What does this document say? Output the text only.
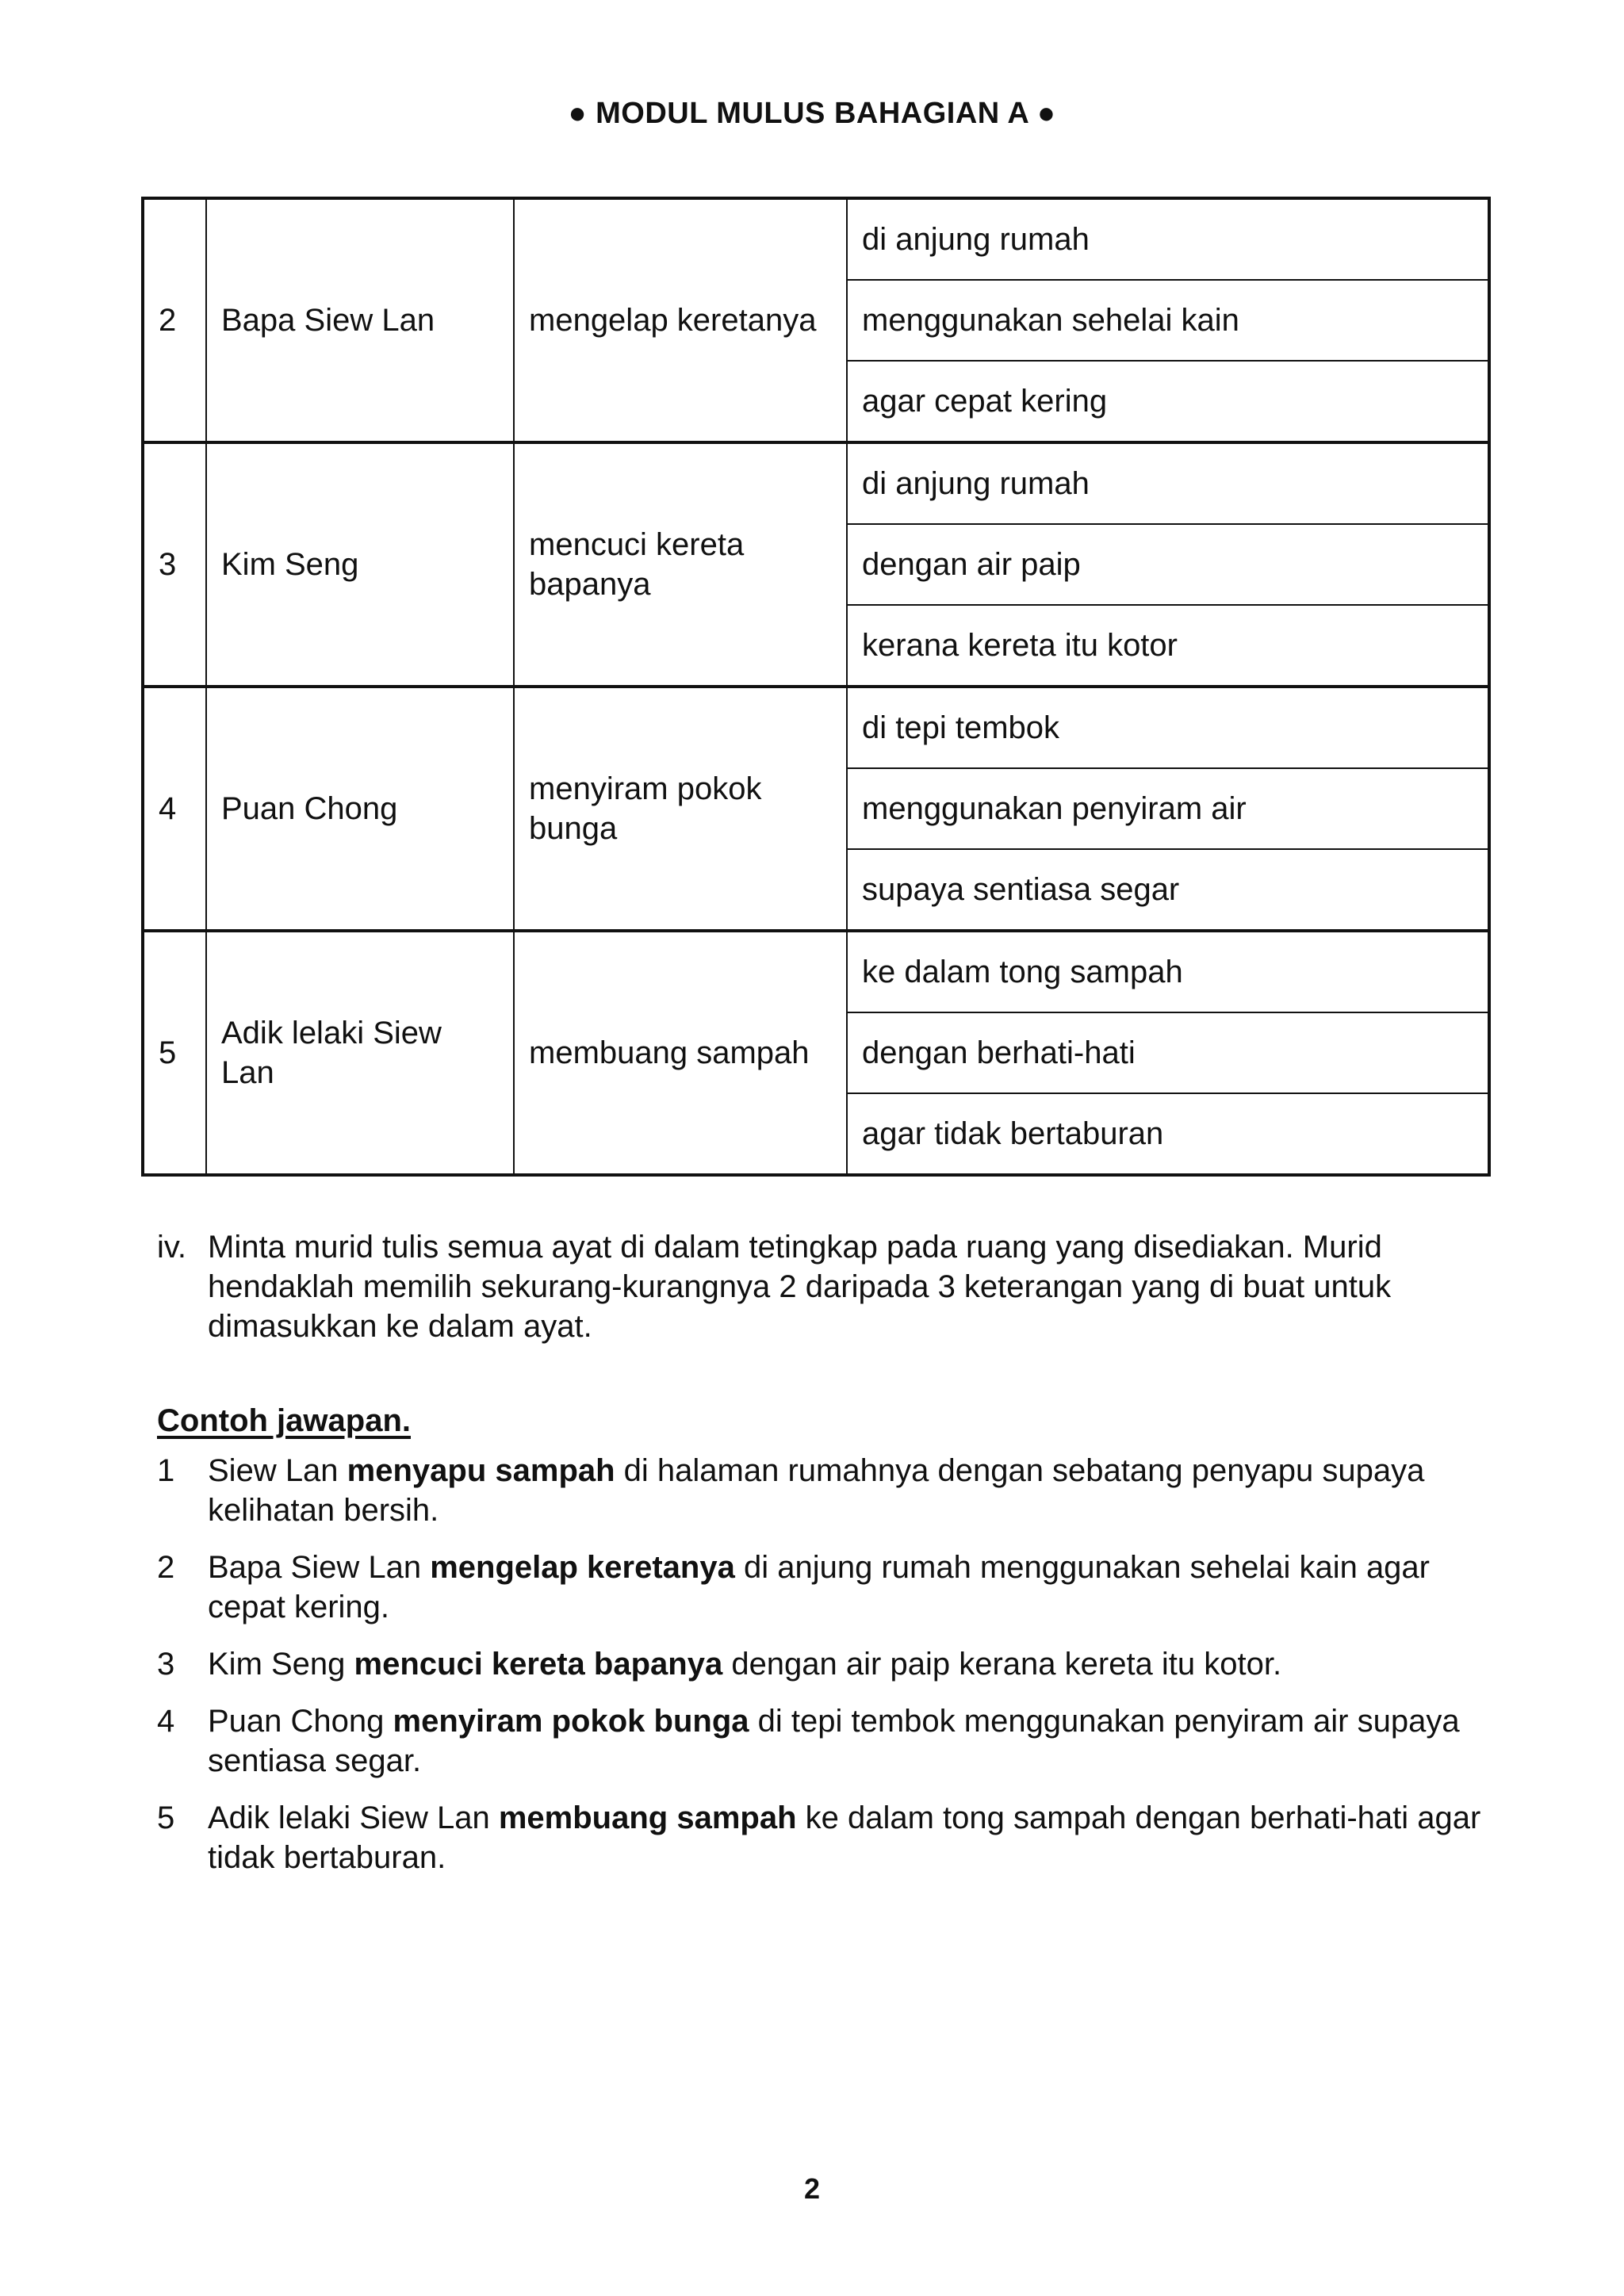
● MODUL MULUS BAHAGIAN A ●
2	Bapa Siew Lan	mengelap keretanya	di anjung rumah
			menggunakan sehelai kain
			agar cepat kering
3	Kim Seng	mencuci kereta bapanya	di anjung rumah
			dengan air paip
			kerana kereta itu kotor
4	Puan Chong	menyiram pokok bunga	di tepi tembok
			menggunakan penyiram air
			supaya sentiasa segar
5	Adik lelaki Siew Lan	membuang sampah	ke dalam tong sampah
			dengan berhati-hati
			agar tidak bertaburan
iv. Minta murid tulis semua ayat di dalam tetingkap pada ruang yang disediakan. Murid hendaklah memilih sekurang-kurangnya 2 daripada 3 keterangan yang di buat untuk dimasukkan ke dalam ayat.
Contoh jawapan.
1	Siew Lan menyapu sampah di halaman rumahnya dengan sebatang penyapu supaya kelihatan bersih.
2	Bapa Siew Lan mengelap keretanya di anjung rumah menggunakan sehelai kain agar cepat kering.
3	Kim Seng mencuci kereta bapanya dengan air paip kerana kereta itu kotor.
4	Puan Chong menyiram pokok bunga di tepi tembok menggunakan penyiram air supaya sentiasa segar.
5	Adik lelaki Siew Lan membuang sampah ke dalam tong sampah dengan berhati-hati agar tidak bertaburan.
2
